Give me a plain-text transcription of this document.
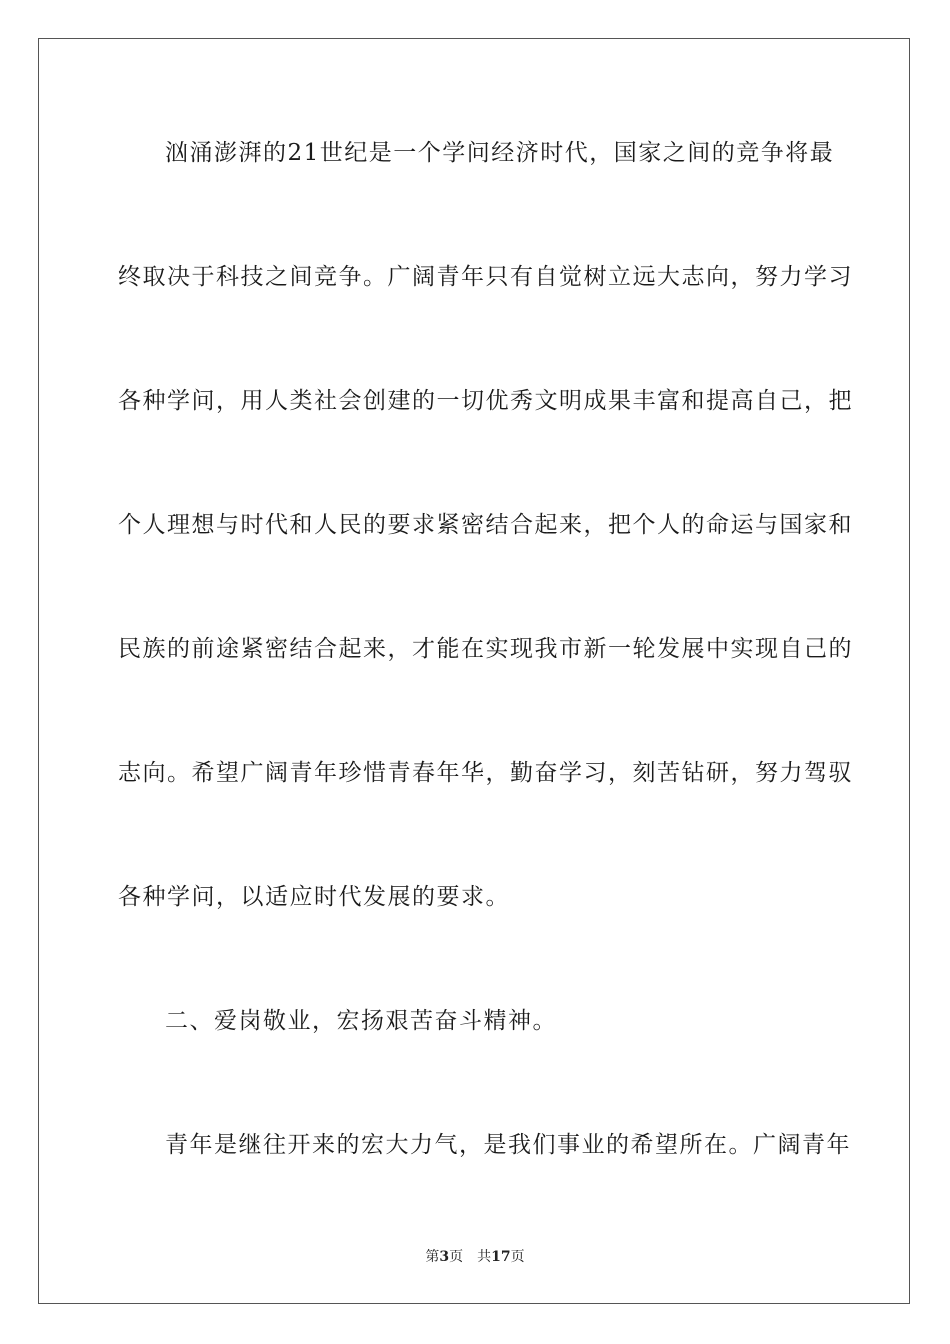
汹涌澎湃的21世纪是一个学问经济时代，国家之间的竞争将最
终取决于科技之间竞争。广阔青年只有自觉树立远大志向，努力学习
各种学问，用人类社会创建的一切优秀文明成果丰富和提高自己，把
个人理想与时代和人民的要求紧密结合起来，把个人的命运与国家和
民族的前途紧密结合起来，才能在实现我市新一轮发展中实现自己的
志向。希望广阔青年珍惜青春年华，勤奋学习，刻苦钻研，努力驾驭
各种学问，以适应时代发展的要求。
二、爱岗敬业，宏扬艰苦奋斗精神。
青年是继往开来的宏大力气，是我们事业的希望所在。广阔青年
第3页 共17页
